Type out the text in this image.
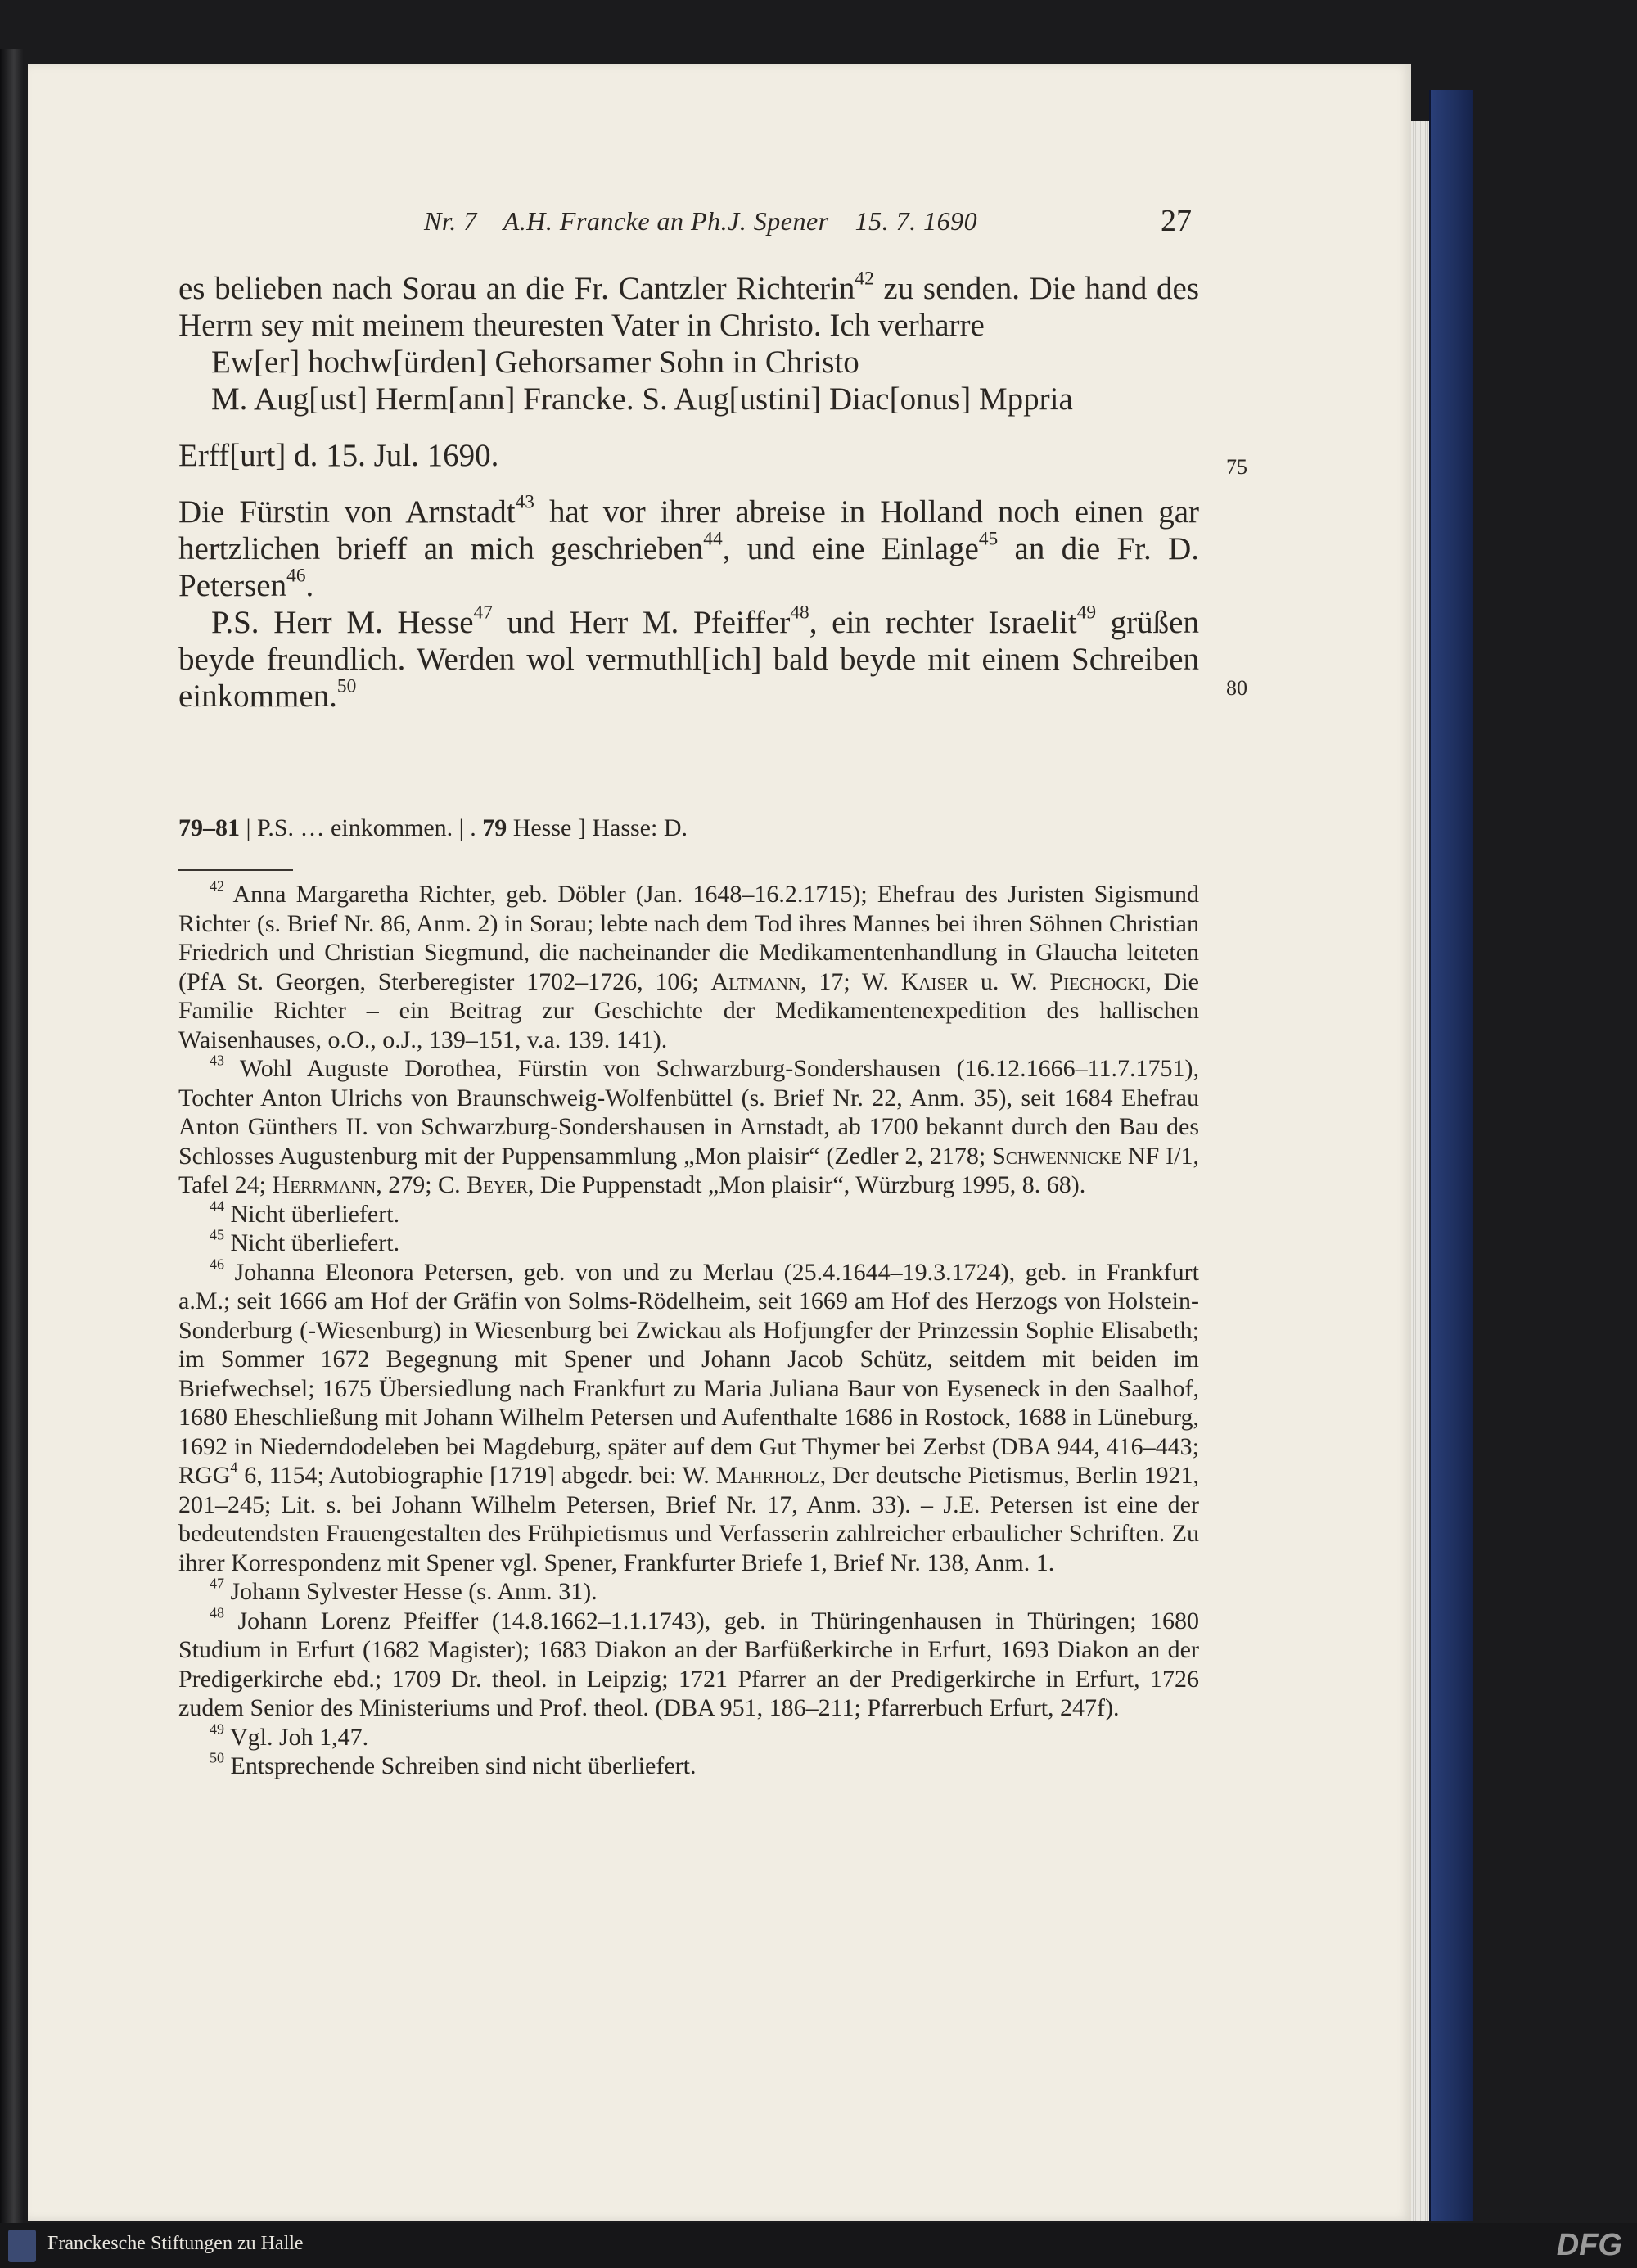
Nr. 7 A.H. Francke an Ph.J. Spener 15. 7. 1690	27

es belieben nach Sorau an die Fr. Cantzler Richterin$^{42}$ zu senden. Die hand des Herrn sey mit meinem theuresten Vater in Christo. Ich verharre

Ew[er] hochw[ürden] Gehorsamer Sohn in Christo

M. Aug[ust] Herm[ann] Francke. S. Aug[ustini] Diac[onus] Mppria

Erff[urt] d. 15. Jul. 1690.

Die Fürstin von Arnstadt$^{43}$ hat vor ihrer abreise in Holland noch einen gar hertzlichen brieff an mich geschrieben$^{44}$, und eine Einlage$^{45}$ an die Fr. D. Petersen$^{46}$.

P.S. Herr M. Hesse$^{47}$ und Herr M. Pfeiffer$^{48}$, ein rechter Israelit$^{49}$ grüßen beyde freundlich. Werden wol vermuthl[ich] bald beyde mit einem Schreiben einkommen.$^{50}$

75
80
79–81 | P.S. … einkommen. | . 79 Hesse ] Hasse: D.

$^{42}$ Anna Margaretha Richter, geb. Döbler (Jan. 1648–16.2.1715); Ehefrau des Juristen Sigismund Richter (s. Brief Nr. 86, Anm. 2) in Sorau; lebte nach dem Tod ihres Mannes bei ihren Söhnen Christian Friedrich und Christian Siegmund, die nacheinander die Medikamentenhandlung in Glaucha leiteten (PfA St. Georgen, Sterberegister 1702–1726, 106; Altmann, 17; W. Kaiser u. W. Piechocki, Die Familie Richter – ein Beitrag zur Geschichte der Medikamentenexpedition des hallischen Waisenhauses, o.O., o.J., 139–151, v.a. 139. 141).

$^{43}$ Wohl Auguste Dorothea, Fürstin von Schwarzburg-Sondershausen (16.12.1666–11.7.1751), Tochter Anton Ulrichs von Braunschweig-Wolfenbüttel (s. Brief Nr. 22, Anm. 35), seit 1684 Ehefrau Anton Günthers II. von Schwarzburg-Sondershausen in Arnstadt, ab 1700 bekannt durch den Bau des Schlosses Augustenburg mit der Puppensammlung „Mon plaisir“ (Zedler 2, 2178; Schwennicke NF I/1, Tafel 24; Herrmann, 279; C. Beyer, Die Puppenstadt „Mon plaisir“, Würzburg 1995, 8. 68).

$^{44}$ Nicht überliefert.

$^{45}$ Nicht überliefert.

$^{46}$ Johanna Eleonora Petersen, geb. von und zu Merlau (25.4.1644–19.3.1724), geb. in Frankfurt a.M.; seit 1666 am Hof der Gräfin von Solms-Rödelheim, seit 1669 am Hof des Herzogs von Holstein-Sonderburg (-Wiesenburg) in Wiesenburg bei Zwickau als Hofjungfer der Prinzessin Sophie Elisabeth; im Sommer 1672 Begegnung mit Spener und Johann Jacob Schütz, seitdem mit beiden im Briefwechsel; 1675 Übersiedlung nach Frankfurt zu Maria Juliana Baur von Eyseneck in den Saalhof, 1680 Eheschließung mit Johann Wilhelm Petersen und Aufenthalte 1686 in Rostock, 1688 in Lüneburg, 1692 in Niederndodeleben bei Magdeburg, später auf dem Gut Thymer bei Zerbst (DBA 944, 416–443; RGG$^4$ 6, 1154; Autobiographie [1719] abgedr. bei: W. Mahrholz, Der deutsche Pietismus, Berlin 1921, 201–245; Lit. s. bei Johann Wilhelm Petersen, Brief Nr. 17, Anm. 33). – J.E. Petersen ist eine der bedeutendsten Frauengestalten des Frühpietismus und Verfasserin zahlreicher erbaulicher Schriften. Zu ihrer Korrespondenz mit Spener vgl. Spener, Frankfurter Briefe 1, Brief Nr. 138, Anm. 1.

$^{47}$ Johann Sylvester Hesse (s. Anm. 31).

$^{48}$ Johann Lorenz Pfeiffer (14.8.1662–1.1.1743), geb. in Thüringenhausen in Thüringen; 1680 Studium in Erfurt (1682 Magister); 1683 Diakon an der Barfüßerkirche in Erfurt, 1693 Diakon an der Predigerkirche ebd.; 1709 Dr. theol. in Leipzig; 1721 Pfarrer an der Predigerkirche in Erfurt, 1726 zudem Senior des Ministeriums und Prof. theol. (DBA 951, 186–211; Pfarrerbuch Erfurt, 247f).

$^{49}$ Vgl. Joh 1,47.

$^{50}$ Entsprechende Schreiben sind nicht überliefert.

Franckesche Stiftungen zu Halle	DFG
